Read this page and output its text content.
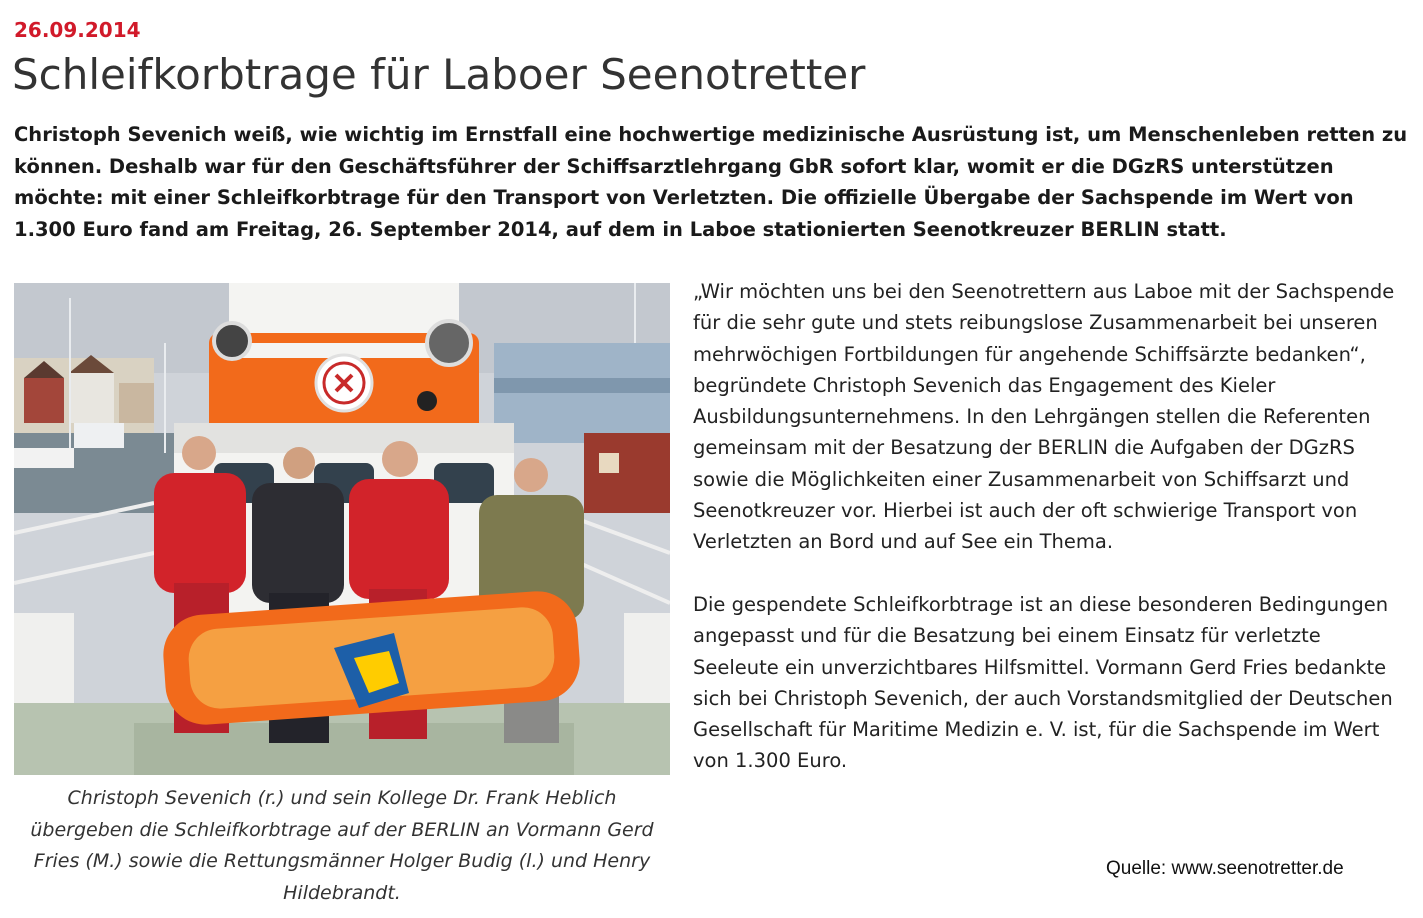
26.09.2014
Schleifkorbtrage für Laboer Seenotretter

Christoph Sevenich weiß, wie wichtig im Ernstfall eine hochwertige medizinische Ausrüstung ist, um Menschenleben retten zu können. Deshalb war für den Geschäftsführer der Schiffsarztlehrgang GbR sofort klar, womit er die DGzRS unterstützen möchte: mit einer Schleifkorbtrage für den Transport von Verletzten. Die offizielle Übergabe der Sachspende im Wert von 1.300 Euro fand am Freitag, 26. September 2014, auf dem in Laboe stationierten Seenotkreuzer BERLIN statt.

Christoph Sevenich (r.) und sein Kollege Dr. Frank Heblich übergeben die Schleifkorbtrage auf der BERLIN an Vormann Gerd Fries (M.) sowie die Rettungsmänner Holger Budig (l.) und Henry Hildebrandt.

„Wir möchten uns bei den Seenotrettern aus Laboe mit der Sachspende für die sehr gute und stets reibungslose Zusammenarbeit bei unseren mehrwöchigen Fortbildungen für angehende Schiffsärzte bedanken“, begründete Christoph Sevenich das Engagement des Kieler Ausbildungsunternehmens. In den Lehrgängen stellen die Referenten gemeinsam mit der Besatzung der BERLIN die Aufgaben der DGzRS sowie die Möglichkeiten einer Zusammenarbeit von Schiffsarzt und Seenotkreuzer vor. Hierbei ist auch der oft schwierige Transport von Verletzten an Bord und auf See ein Thema.

Die gespendete Schleifkorbtrage ist an diese besonderen Bedingungen angepasst und für die Besatzung bei einem Einsatz für verletzte Seeleute ein unverzichtbares Hilfsmittel. Vormann Gerd Fries bedankte sich bei Christoph Sevenich, der auch Vorstandsmitglied der Deutschen Gesellschaft für Maritime Medizin e. V. ist, für die Sachspende im Wert von 1.300 Euro.

Quelle: www.seenotretter.de
